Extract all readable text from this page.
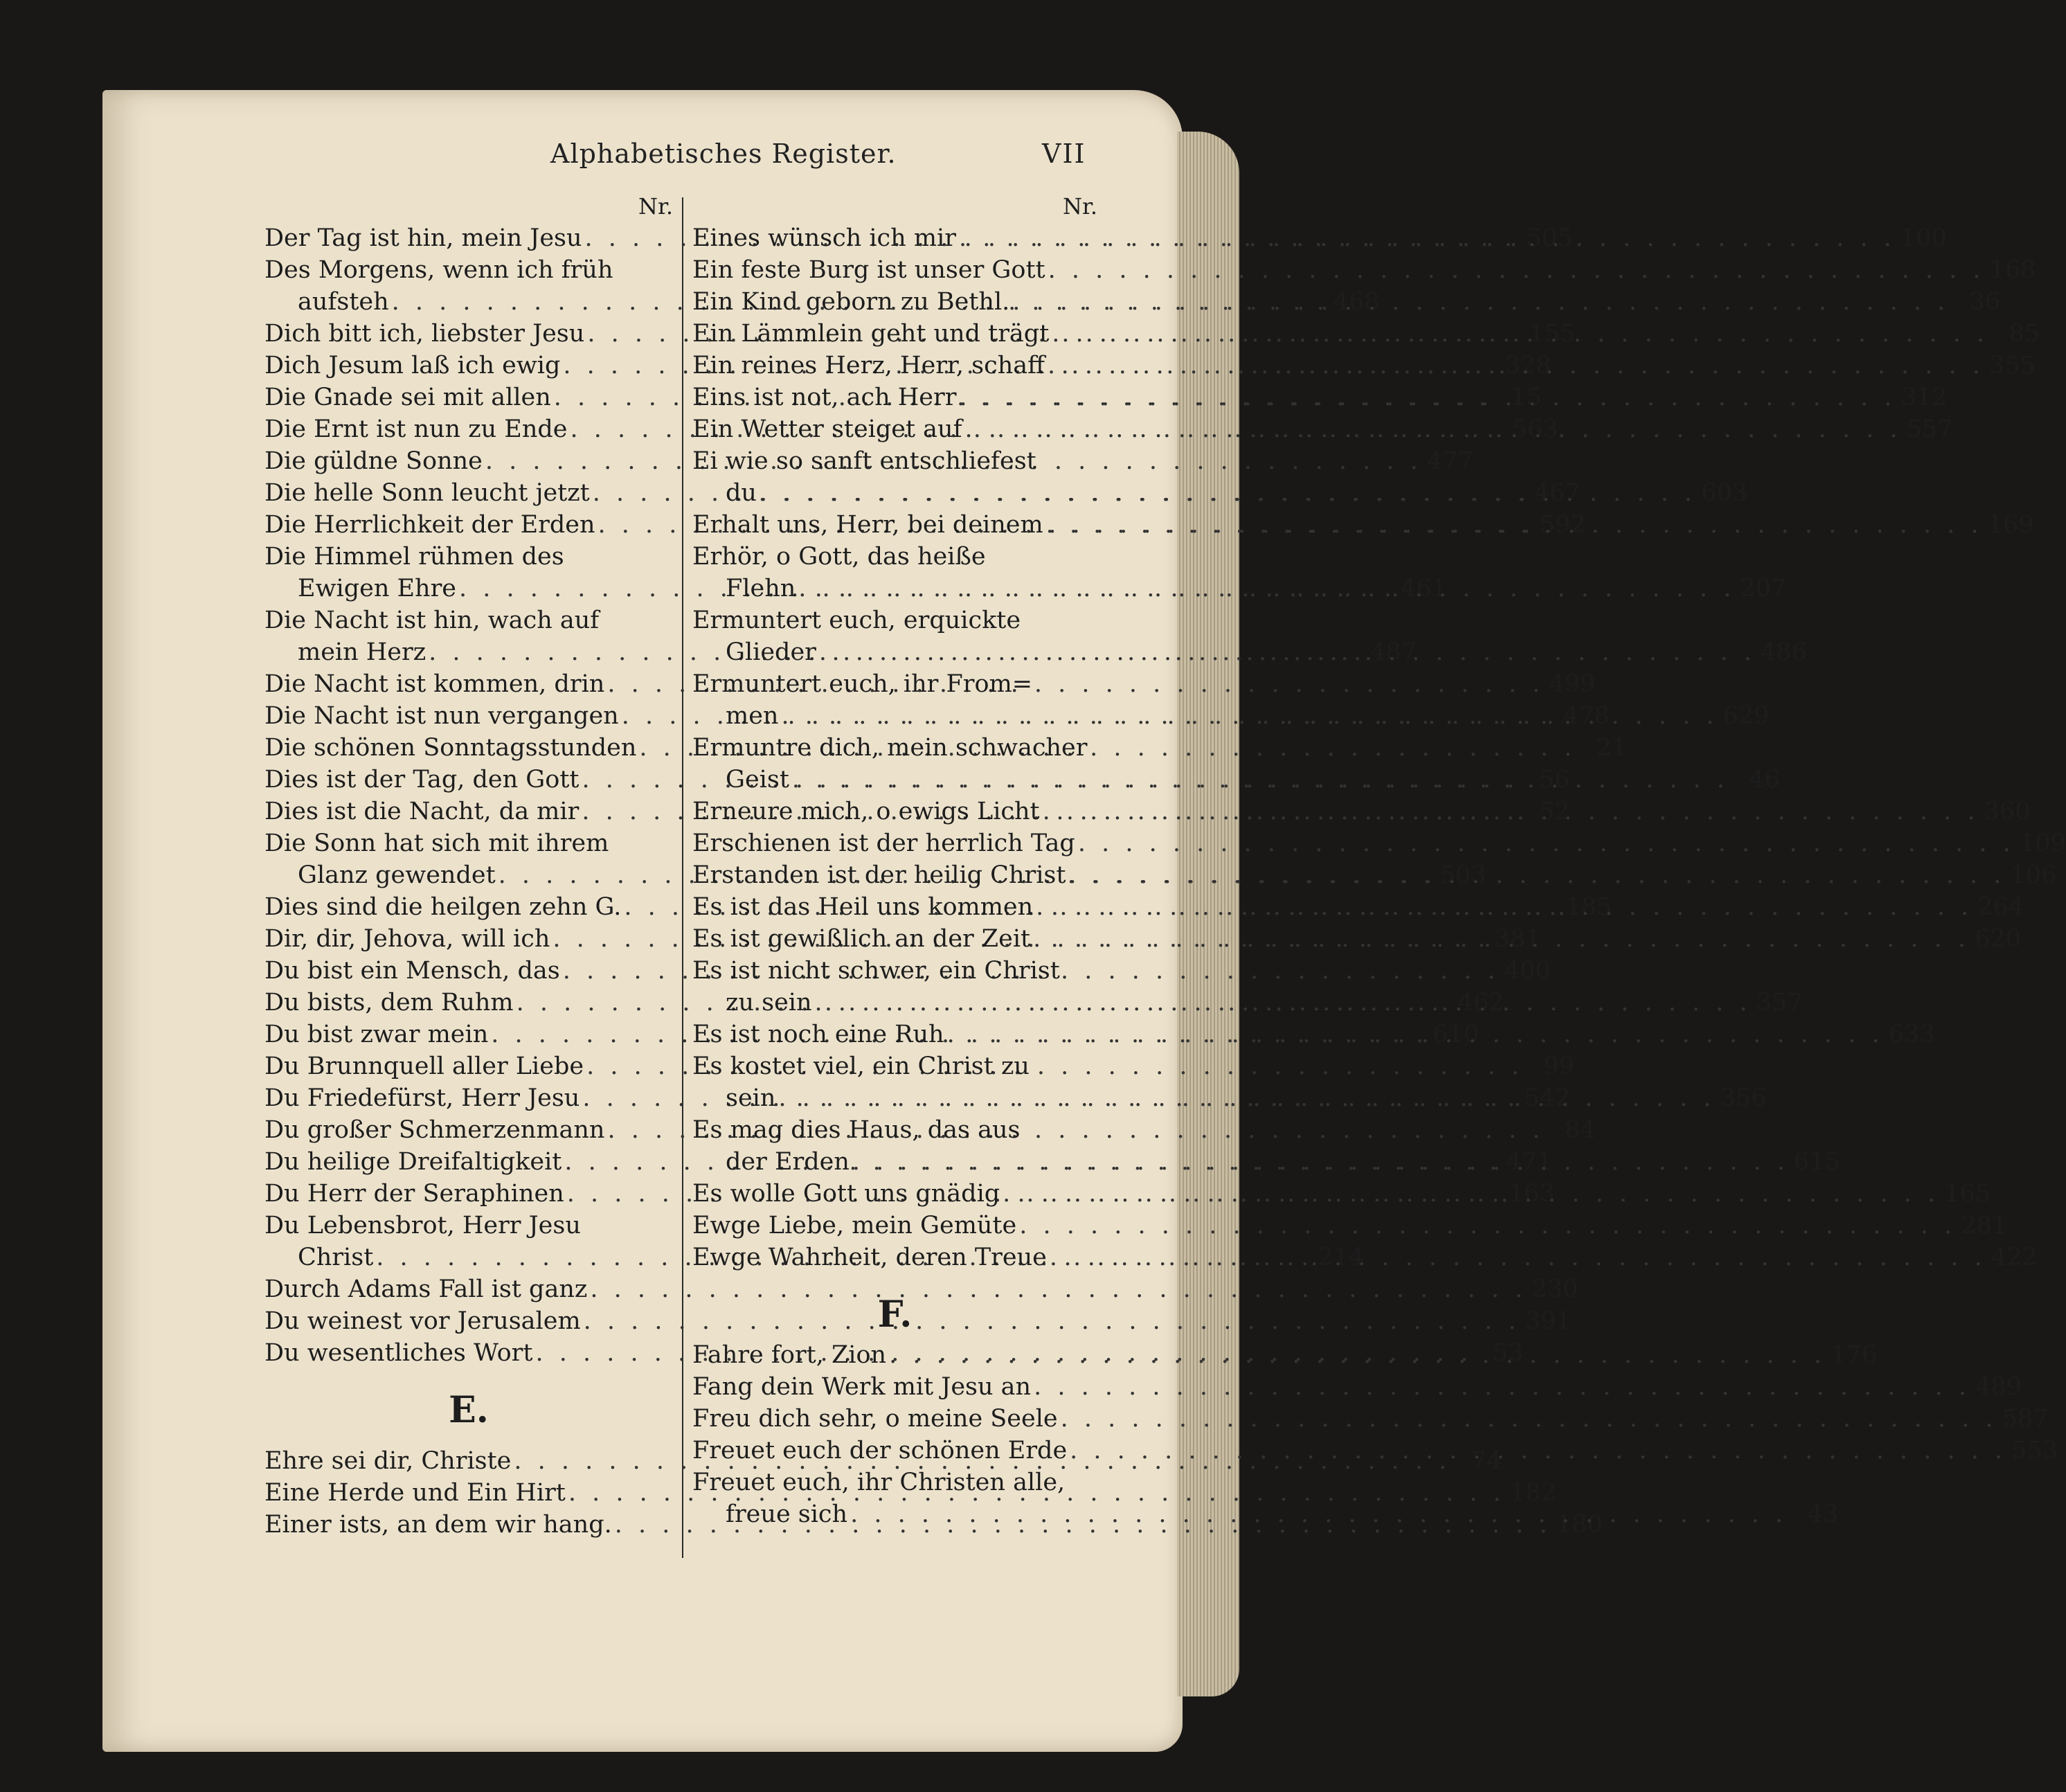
Alphabetisches Register.	VII
Nr.
Der Tag ist hin, mein Jesu . . .	505
Des Morgens, wenn ich früh
aufsteh . . .	468
Dich bitt ich, liebster Jesu . . .	155
Dich Jesum laß ich ewig . . .	328
Die Gnade sei mit allen . . .	15
Die Ernt ist nun zu Ende . . .	563
Die güldne Sonne . . .	477
Die helle Sonn leucht jetzt . . .	467
Die Herrlichkeit der Erden . . .	592
Die Himmel rühmen des
Ewigen Ehre . . .	461
Die Nacht ist hin, wach auf
mein Herz . . .	487
Die Nacht ist kommen, drin . . .	499
Die Nacht ist nun vergangen . . .	478
Die schönen Sonntagsstunden . . .	21
Dies ist der Tag, den Gott . . .	56
Dies ist die Nacht, da mir . . .	52
Die Sonn hat sich mit ihrem
Glanz gewendet . . .	503
Dies sind die heilgen zehn G. . . .	185
Dir, dir, Jehova, will ich . . .	381
Du bist ein Mensch, das . . .	400
Du bists, dem Ruhm . . .	462
Du bist zwar mein . . .	610
Du Brunnquell aller Liebe . . .	99
Du Friedefürst, Herr Jesu . . .	542
Du großer Schmerzenmann . . .	84
Du heilige Dreifaltigkeit . . .	471
Du Herr der Seraphinen . . .	163
Du Lebensbrot, Herr Jesu
Christ . . .	214
Durch Adams Fall ist ganz . . .	230
Du weinest vor Jerusalem . . .	391
Du wesentliches Wort . . .	53
E.
Ehre sei dir, Christe . . .	74
Eine Herde und Ein Hirt . . .	182
Einer ists, an dem wir hang. . . .	180
Nr.
Eines wünsch ich mir . . .	100
Ein feste Burg ist unser Gott . . .	168
Ein Kind geborn zu Bethl. . . .	36
Ein Lämmlein geht und trägt . . .	85
Ein reines Herz, Herr, schaff . . .	355
Eins ist not, ach Herr . . .	312
Ein Wetter steiget auf . . .	557
Ei wie so sanft entschliefest
du . . .	603
Erhalt uns, Herr, bei deinem . . .	169
Erhör, o Gott, das heiße
Flehn . . .	207
Ermuntert euch, erquickte
Glieder . . .	486
Ermuntert euch, ihr From=
men . . .	629
Ermuntre dich, mein schwacher
Geist . . .	46
Erneure mich, o ewigs Licht . . .	360
Erschienen ist der herrlich Tag . . .	109
Erstanden ist der heilig Christ . . .	106
Es ist das Heil uns kommen . . .	264
Es ist gewißlich an der Zeit . . .	620
Es ist nicht schwer, ein Christ
zu sein . . .	357
Es ist noch eine Ruh . . .	633
Es kostet viel, ein Christ zu
sein . . .	356
Es mag dies Haus, das aus
der Erden . . .	615
Es wolle Gott uns gnädig . . .	165
Ewge Liebe, mein Gemüte . . .	281
Ewge Wahrheit, deren Treue . . .	422
F.
Fahre fort, Zion . . .	176
Fang dein Werk mit Jesu an . . .	489
Freu dich sehr, o meine Seele . . .	587
Freuet euch der schönen Erde . . .	553
Freuet euch, ihr Christen alle,
freue sich . . .	43
